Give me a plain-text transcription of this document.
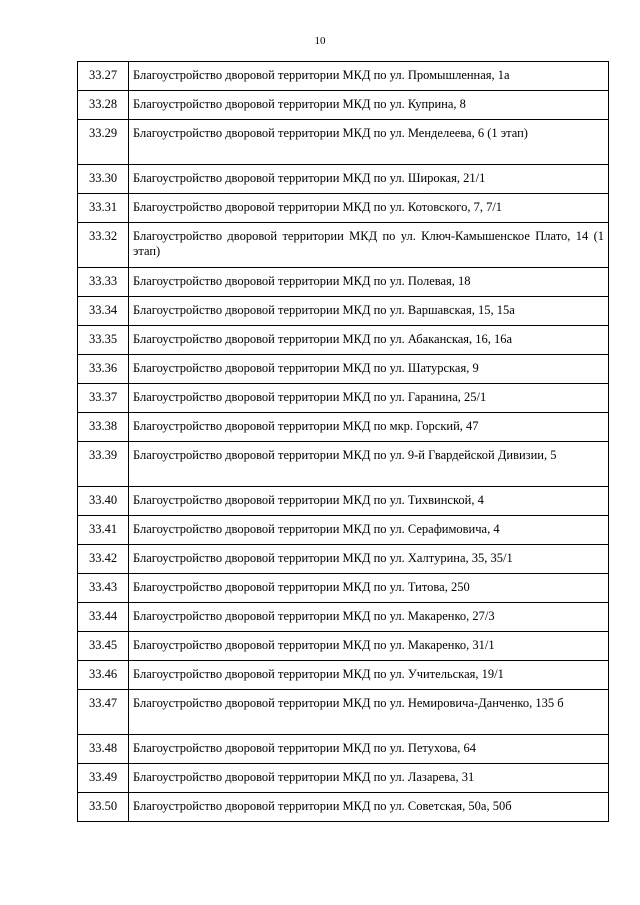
10
33.27	Благоустройство дворовой территории МКД по ул. Промышленная, 1а
33.28	Благоустройство дворовой территории МКД по ул. Куприна, 8
33.29	Благоустройство дворовой территории МКД по ул. Менделеева, 6 (1 этап)
33.30	Благоустройство дворовой территории МКД по ул. Широкая, 21/1
33.31	Благоустройство дворовой территории МКД по ул. Котовского, 7, 7/1
33.32	Благоустройство дворовой территории МКД по ул. Ключ-Камышенское Плато, 14 (1 этап)
33.33	Благоустройство дворовой территории МКД по ул. Полевая, 18
33.34	Благоустройство дворовой территории МКД по ул. Варшавская, 15, 15а
33.35	Благоустройство дворовой территории МКД по ул. Абаканская, 16, 16а
33.36	Благоустройство дворовой территории МКД по ул. Шатурская, 9
33.37	Благоустройство дворовой территории МКД по ул. Гаранина, 25/1
33.38	Благоустройство дворовой территории МКД по мкр. Горский, 47
33.39	Благоустройство дворовой территории МКД по ул. 9-й Гвардейской Дивизии, 5
33.40	Благоустройство дворовой территории МКД по ул. Тихвинской, 4
33.41	Благоустройство дворовой территории МКД по ул. Серафимовича, 4
33.42	Благоустройство дворовой территории МКД по ул. Халтурина, 35, 35/1
33.43	Благоустройство дворовой территории МКД по ул. Титова, 250
33.44	Благоустройство дворовой территории МКД по ул. Макаренко, 27/3
33.45	Благоустройство дворовой территории МКД по ул. Макаренко, 31/1
33.46	Благоустройство дворовой территории МКД по ул. Учительская, 19/1
33.47	Благоустройство дворовой территории МКД по ул. Немировича-Данченко, 135 б
33.48	Благоустройство дворовой территории МКД по ул. Петухова, 64
33.49	Благоустройство дворовой территории МКД по ул. Лазарева, 31
33.50	Благоустройство дворовой территории МКД по ул. Советская, 50а, 50б
